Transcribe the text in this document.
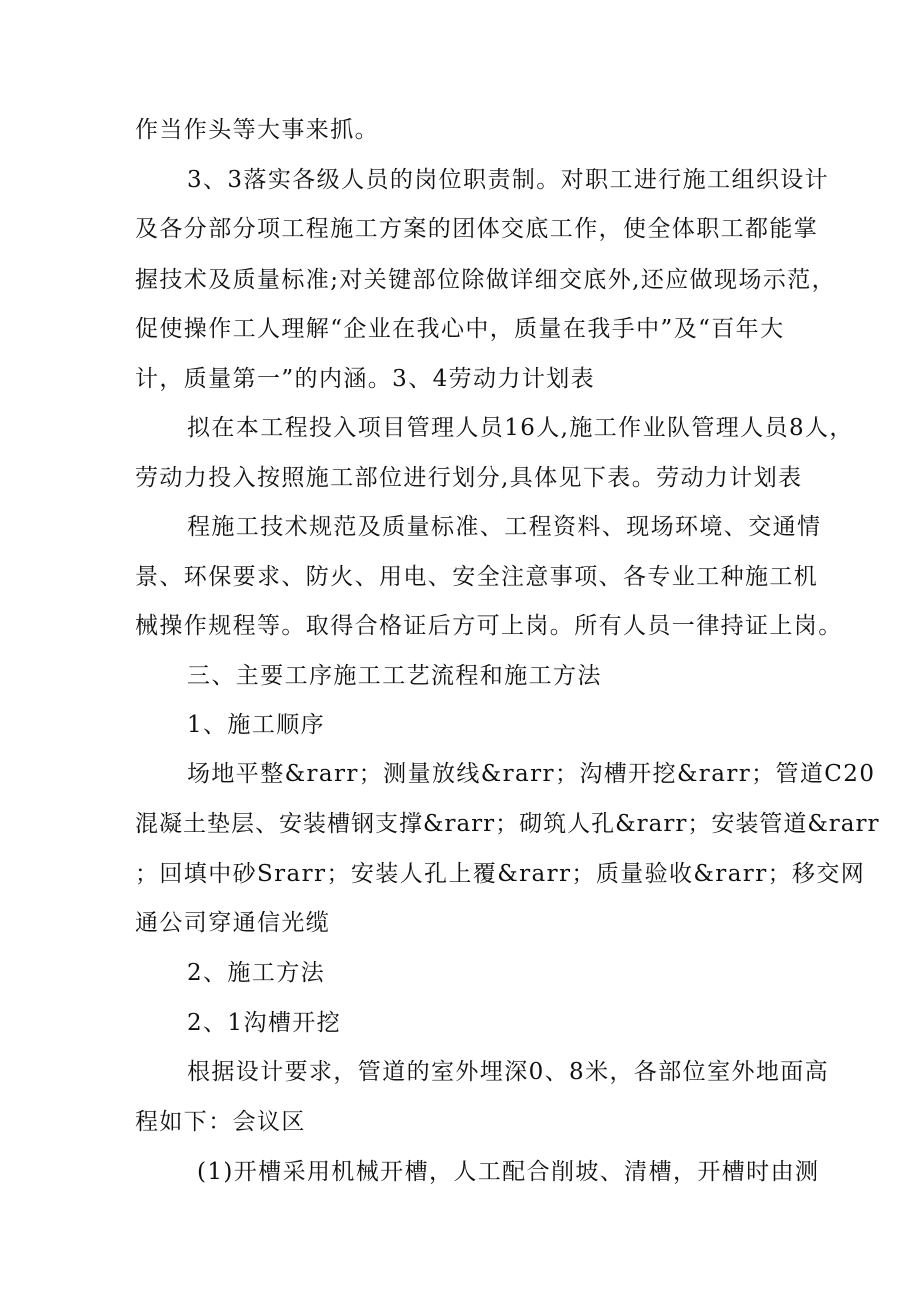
作当作头等大事来抓。

3、3落实各级人员的岗位职责制。对职工进行施工组织设计

及各分部分项工程施工方案的团体交底工作，使全体职工都能掌

握技术及质量标准;对关键部位除做详细交底外,还应做现场示范，

促使操作工人理解“企业在我心中，质量在我手中”及“百年大

计，质量第一”的内涵。3、4劳动力计划表

拟在本工程投入项目管理人员16人,施工作业队管理人员8人，

劳动力投入按照施工部位进行划分,具体见下表。劳动力计划表

程施工技术规范及质量标准、工程资料、现场环境、交通情

景、环保要求、防火、用电、安全注意事项、各专业工种施工机

械操作规程等。取得合格证后方可上岗。所有人员一律持证上岗。

三、主要工序施工工艺流程和施工方法

1、施工顺序

场地平整&rarr；测量放线&rarr；沟槽开挖&rarr；管道C20

混凝土垫层、安装槽钢支撑&rarr；砌筑人孔&rarr；安装管道&rarr

；回填中砂Srarr；安装人孔上覆&rarr；质量验收&rarr；移交网

通公司穿通信光缆

2、施工方法

2、1沟槽开挖

根据设计要求，管道的室外埋深0、8米，各部位室外地面高

程如下：会议区

(1)开槽采用机械开槽，人工配合削坡、清槽，开槽时由测
